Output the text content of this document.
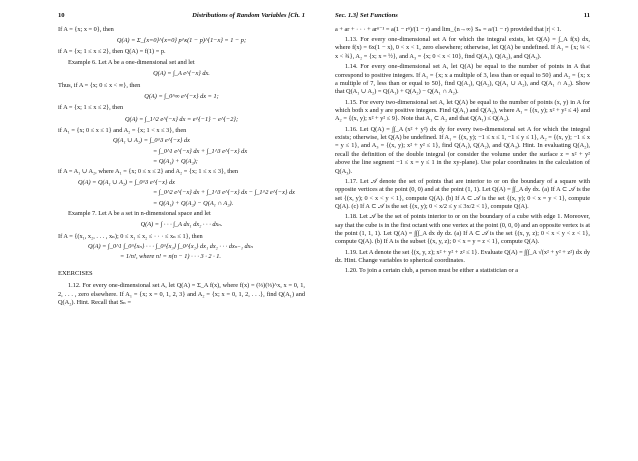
10	Distributions of Random Variables [Ch. 1

If A = {x; x = 0}, then

Q(A) = Σ_{x=0}^{x=0} p^x(1 − p)^{1−x} = 1 − p;

if A = {x; 1 ≤ x ≤ 2}, then Q(A) = f(1) = p.

Example 6. Let A be a one-dimensional set and let

Q(A) = ∫_A e^{−x} dx.

Thus, if A = {x; 0 ≤ x < ∞}, then

Q(A) = ∫_0^∞ e^{−x} dx = 1;

if A = {x; 1 ≤ x ≤ 2}, then

Q(A) = ∫_1^2 e^{−x} dx = e^{−1} − e^{−2};

if A₁ = {x; 0 ≤ x ≤ 1} and A₂ = {x; 1 < x ≤ 3}, then

Q(A₁ ∪ A₂) = ∫_0^3 e^{−x} dx
= ∫_0^1 e^{−x} dx + ∫_1^3 e^{−x} dx
= Q(A₁) + Q(A₂);

if A = A₁ ∪ A₂, where A₁ = {x; 0 ≤ x ≤ 2} and A₂ = {x; 1 ≤ x ≤ 3}, then

Q(A) = Q(A₁ ∪ A₂) = ∫_0^3 e^{−x} dx
= ∫_0^2 e^{−x} dx + ∫_1^3 e^{−x} dx − ∫_1^2 e^{−x} dx
= Q(A₁) + Q(A₂) − Q(A₁ ∩ A₂).

Example 7. Let A be a set in n-dimensional space and let

Q(A) = ∫ · · · ∫_A dx₁ dx₂ · · · dxₙ.

If A = {(x₁, x₂, . . . , xₙ); 0 ≤ x₁ ≤ x₂ ≤ · · · ≤ xₙ ≤ 1}, then

Q(A) = ∫_0^1 ∫_0^{xₙ} · · · ∫_0^{x₃} ∫_0^{x₂} dx₁ dx₂ · · · dxₙ₋₁ dxₙ
= 1/n!, where n! = n(n − 1) · · · 3 · 2 · 1.
EXERCISES

1.12. For every one-dimensional set A, let Q(A) = Σ_A f(x), where f(x) = (⅔)(⅓)^x, x = 0, 1, 2, . . . , zero elsewhere. If A₁ = {x; x = 0, 1, 2, 3} and A₂ = {x; x = 0, 1, 2, . . .}, find Q(A₁) and Q(A₂). Hint. Recall that Sₙ =

Sec. 1.3] Set Functions	11

a + ar + · · · + arⁿ⁻¹ = a(1 − rⁿ)/(1 − r) and lim_{n→∞} Sₙ = a/(1 − r) provided that |r| < 1.

1.13. For every one-dimensional set A for which the integral exists, let Q(A) = ∫_A f(x) dx, where f(x) = 6x(1 − x), 0 < x < 1, zero elsewhere; otherwise, let Q(A) be undefined. If A₁ = {x; ¼ < x < ¾}, A₂ = {x; x = ½}, and A₃ = {x; 0 < x < 10}, find Q(A₁), Q(A₂), and Q(A₃).

1.14. For every one-dimensional set A, let Q(A) be equal to the number of points in A that correspond to positive integers. If A₁ = {x; x a multiple of 3, less than or equal to 50} and A₂ = {x; x a multiple of 7, less than or equal to 50}, find Q(A₁), Q(A₂), Q(A₁ ∪ A₂), and Q(A₁ ∩ A₂). Show that Q(A₁ ∪ A₂) = Q(A₁) + Q(A₂) − Q(A₁ ∩ A₂).

1.15. For every two-dimensional set A, let Q(A) be equal to the number of points (x, y) in A for which both x and y are positive integers. Find Q(A₁) and Q(A₂), where A₁ = {(x, y); x² + y² ≤ 4} and A₂ = {(x, y); x² + y² ≤ 9}. Note that A₁ ⊂ A₂ and that Q(A₁) ≤ Q(A₂).

1.16. Let Q(A) = ∫∫_A (x² + y²) dx dy for every two-dimensional set A for which the integral exists; otherwise, let Q(A) be undefined. If A₁ = {(x, y); −1 ≤ x ≤ 1, −1 ≤ y ≤ 1}, A₂ = {(x, y); −1 ≤ x = y ≤ 1}, and A₃ = {(x, y); x² + y² ≤ 1}, find Q(A₁), Q(A₂), and Q(A₃). Hint. In evaluating Q(A₂), recall the definition of the double integral (or consider the volume under the surface z = x² + y² above the line segment −1 ≤ x = y ≤ 1 in the xy-plane). Use polar coordinates in the calculation of Q(A₃).

1.17. Let 𝒜 denote the set of points that are interior to or on the boundary of a square with opposite vertices at the point (0, 0) and at the point (1, 1). Let Q(A) = ∫∫_A dy dx. (a) If A ⊂ 𝒜 is the set {(x, y); 0 < x < y < 1}, compute Q(A). (b) If A ⊂ 𝒜 is the set {(x, y); 0 < x = y < 1}, compute Q(A). (c) If A ⊂ 𝒜 is the set {(x, y); 0 < x/2 ≤ y ≤ 3x/2 < 1}, compute Q(A).

1.18. Let 𝒜 be the set of points interior to or on the boundary of a cube with edge 1. Moreover, say that the cube is in the first octant with one vertex at the point (0, 0, 0) and an opposite vertex is at the point (1, 1, 1). Let Q(A) = ∫∫∫_A dx dy dz. (a) If A ⊂ 𝒜 is the set {(x, y, z); 0 < x < y < z < 1}, compute Q(A). (b) If A is the subset {(x, y, z); 0 < x = y = z < 1}, compute Q(A).

1.19. Let A denote the set {(x, y, z); x² + y² + z² ≤ 1}. Evaluate Q(A) = ∫∫∫_A √(x² + y² + z²) dx dy dz. Hint. Change variables to spherical coordinates.

1.20. To join a certain club, a person must be either a statistician or a
